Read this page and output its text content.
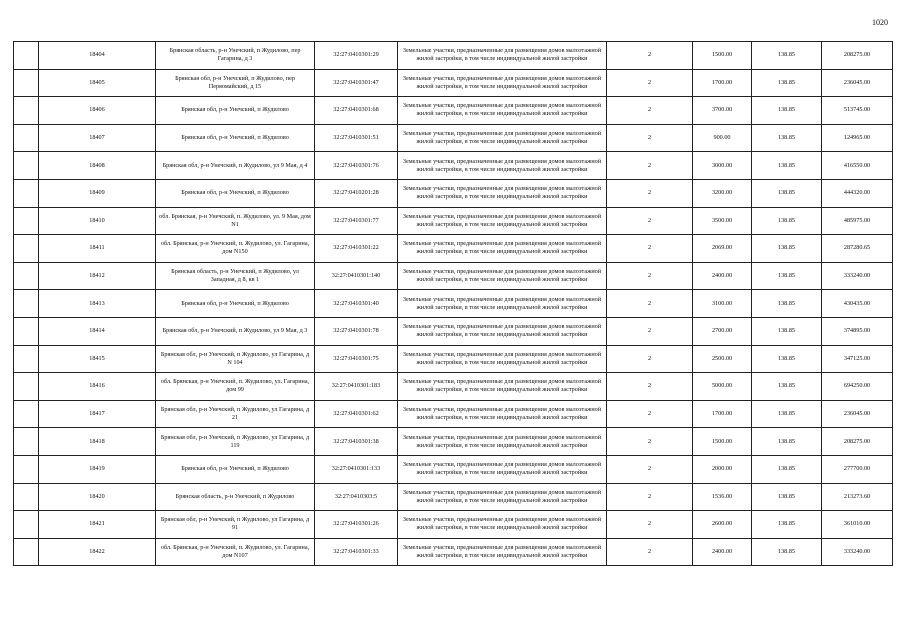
1020
	18404	Брянская область, р-н Унечский, п Жудилово, пер Гагарина, д 3	32:27:0410301:29	Земельные участки, предназначенные для размещения домов малоэтажной жилой застройки, в том числе индивидуальной жилой застройки	2	1500.00	138.85	208275.00
	18405	Брянская обл, р-н Унечский, п Жудилово, пер Первомайский, д 15	32:27:0410301:47	Земельные участки, предназначенные для размещения домов малоэтажной жилой застройки, в том числе индивидуальной жилой застройки	2	1700.00	138.85	236045.00
	18406	Брянская обл, р-н Унечский, п Жудилово	32:27:0410301:68	Земельные участки, предназначенные для размещения домов малоэтажной жилой застройки, в том числе индивидуальной жилой застройки	2	3700.00	138.85	513745.00
	18407	Брянская обл, р-н Унечский, п Жудилово	32:27:0410301:51	Земельные участки, предназначенные для размещения домов малоэтажной жилой застройки, в том числе индивидуальной жилой застройки	2	900.00	138.85	124965.00
	18408	Брянская обл, р-н Унечский, п Жудилово, ул 9 Мая, д 4	32:27:0410301:76	Земельные участки, предназначенные для размещения домов малоэтажной жилой застройки, в том числе индивидуальной жилой застройки	2	3000.00	138.85	416550.00
	18409	Брянская обл, р-н Унечский, п Жудилово	32:27:0410201:28	Земельные участки, предназначенные для размещения домов малоэтажной жилой застройки, в том числе индивидуальной жилой застройки	2	3200.00	138.85	444320.00
	18410	обл. Брянская, р-н Унечский, п. Жудилово, ул. 9 Мая, дом N1	32:27:0410301:77	Земельные участки, предназначенные для размещения домов малоэтажной жилой застройки, в том числе индивидуальной жилой застройки	2	3500.00	138.85	485975.00
	18411	обл. Брянская, р-н Унечский, п. Жудилово, ул. Гагарина, дом N150	32:27:0410301:22	Земельные участки, предназначенные для размещения домов малоэтажной жилой застройки, в том числе индивидуальной жилой застройки	2	2069.00	138.85	287280.65
	18412	Брянская область, р-н Унечский, п Жудилово, ул Западная, д 8, кв 1	32:27:0410301:140	Земельные участки, предназначенные для размещения домов малоэтажной жилой застройки, в том числе индивидуальной жилой застройки	2	2400.00	138.85	333240.00
	18413	Брянская обл, р-н Унечский, п Жудилово	32:27:0410301:40	Земельные участки, предназначенные для размещения домов малоэтажной жилой застройки, в том числе индивидуальной жилой застройки	2	3100.00	138.85	430435.00
	18414	Брянская обл, р-н Унечский, п Жудилово, ул 9 Мая, д 3	32:27:0410301:78	Земельные участки, предназначенные для размещения домов малоэтажной жилой застройки, в том числе индивидуальной жилой застройки	2	2700.00	138.85	374895.00
	18415	Брянская обл, р-н Унечский, п Жудилово, ул Гагарина, д N 104	32:27:0410301:75	Земельные участки, предназначенные для размещения домов малоэтажной жилой застройки, в том числе индивидуальной жилой застройки	2	2500.00	138.85	347125.00
	18416	обл. Брянская, р-н Унечский, п. Жудилово, ул. Гагарина, дом 99	32:27:0410301:183	Земельные участки, предназначенные для размещения домов малоэтажной жилой застройки, в том числе индивидуальной жилой застройки	2	5000.00	138.85	694250.00
	18417	Брянская обл, р-н Унечский, п Жудилово, ул Гагарина, д 21	32:27:0410301:62	Земельные участки, предназначенные для размещения домов малоэтажной жилой застройки, в том числе индивидуальной жилой застройки	2	1700.00	138.85	236045.00
	18418	Брянская обл, р-н Унечский, п Жудилово, ул Гагарина, д 119	32:27:0410301:38	Земельные участки, предназначенные для размещения домов малоэтажной жилой застройки, в том числе индивидуальной жилой застройки	2	1500.00	138.85	208275.00
	18419	Брянская обл, р-н Унечский, п Жудилово	32:27:0410301:133	Земельные участки, предназначенные для размещения домов малоэтажной жилой застройки, в том числе индивидуальной жилой застройки	2	2000.00	138.85	277700.00
	18420	Брянская область, р-н Унечский, п Жудилово	32:27:0410303:5	Земельные участки, предназначенные для размещения домов малоэтажной жилой застройки, в том числе индивидуальной жилой застройки	2	1536.00	138.85	213273.60
	18421	Брянская обл, р-н Унечский, п Жудилово, ул Гагарина, д 91	32:27:0410301:26	Земельные участки, предназначенные для размещения домов малоэтажной жилой застройки, в том числе индивидуальной жилой застройки	2	2600.00	138.85	361010.00
	18422	обл. Брянская, р-н Унечский, п. Жудилово, ул. Гагарина, дом N107	32:27:0410301:33	Земельные участки, предназначенные для размещения домов малоэтажной жилой застройки, в том числе индивидуальной жилой застройки	2	2400.00	138.85	333240.00
